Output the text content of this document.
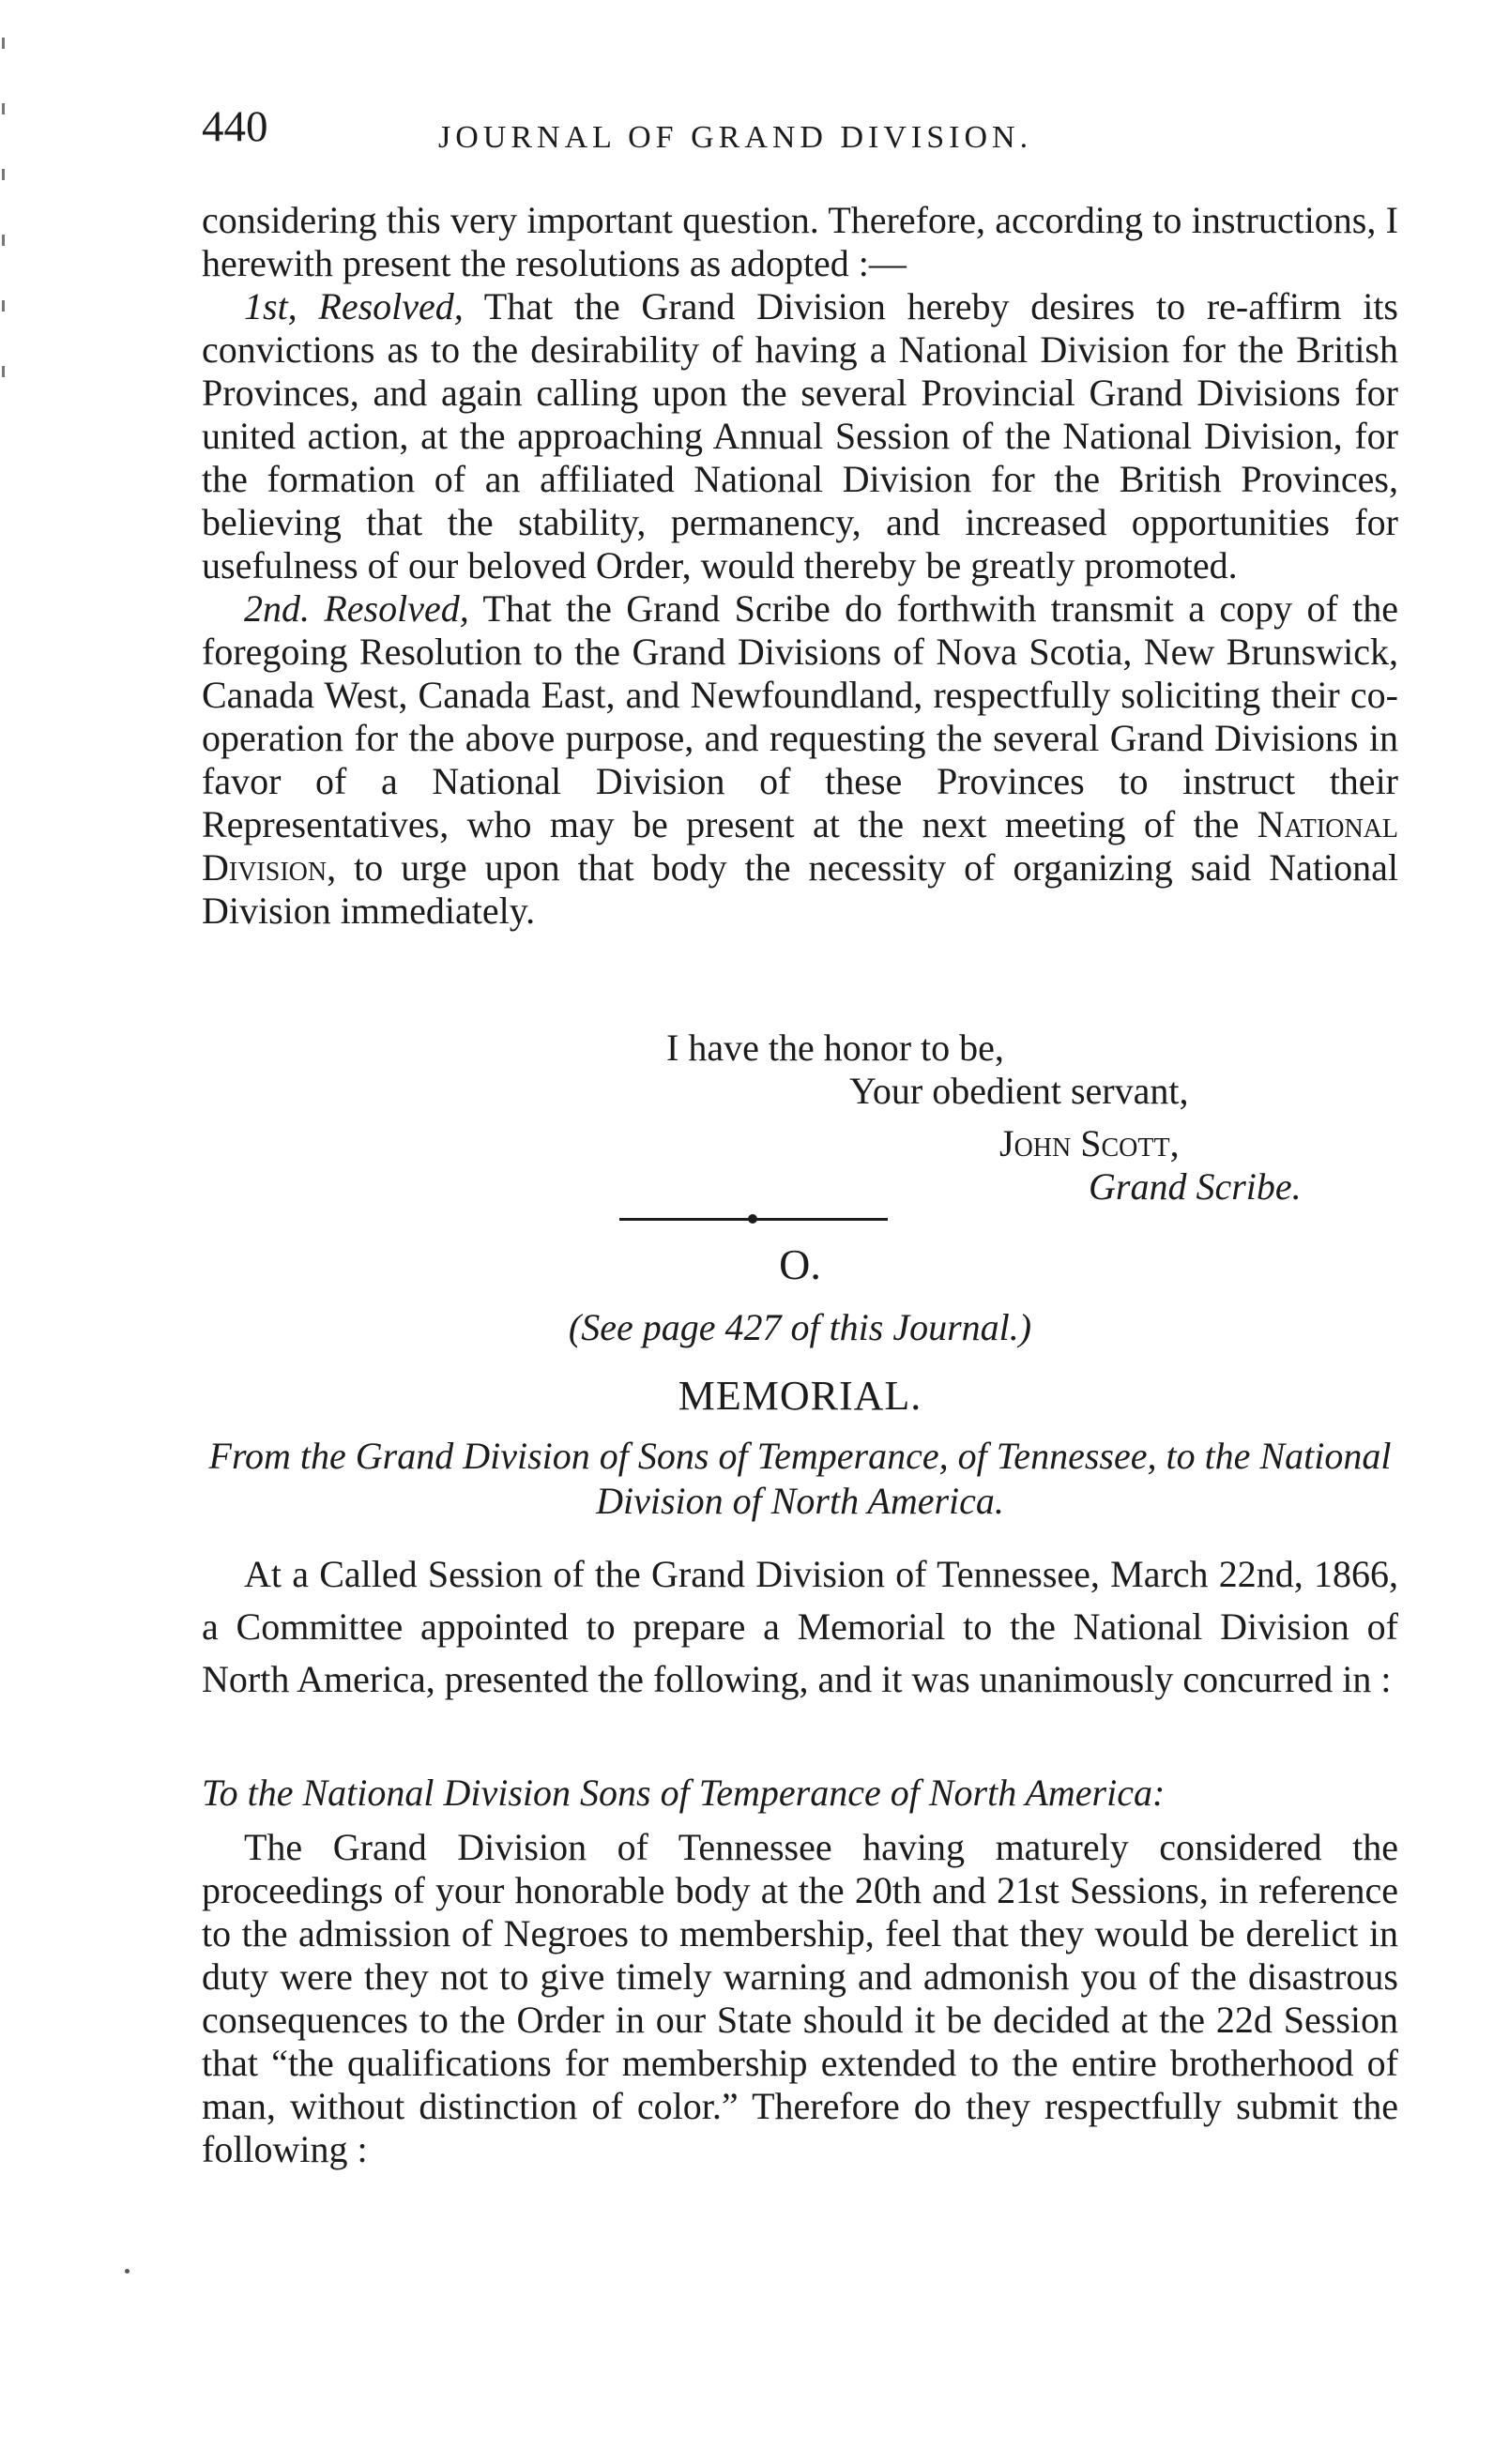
440	JOURNAL OF GRAND DIVISION.

considering this very important question. Therefore, according to instructions, I herewith present the resolutions as adopted :—

1st, Resolved, That the Grand Division hereby desires to re-affirm its convictions as to the desirability of having a National Division for the British Provinces, and again calling upon the several Provincial Grand Divisions for united action, at the approaching Annual Session of the National Division, for the formation of an affiliated National Division for the British Provinces, believing that the stability, permanency, and increased opportunities for usefulness of our beloved Order, would thereby be greatly promoted.

2nd. Resolved, That the Grand Scribe do forthwith transmit a copy of the foregoing Resolution to the Grand Divisions of Nova Scotia, New Brunswick, Canada West, Canada East, and Newfoundland, respectfully soliciting their co-operation for the above purpose, and requesting the several Grand Divisions in favor of a National Division of these Provinces to instruct their Representatives, who may be present at the next meeting of the National Division, to urge upon that body the necessity of organizing said National Division immediately.

I have the honor to be,
Your obedient servant,
John Scott,
Grand Scribe.
O.
(See page 427 of this Journal.)
MEMORIAL.
From the Grand Division of Sons of Temperance, of Tennessee, to the National Division of North America.

At a Called Session of the Grand Division of Tennessee, March 22nd, 1866, a Committee appointed to prepare a Memorial to the National Division of North America, presented the following, and it was unanimously concurred in :

To the National Division Sons of Temperance of North America:

The Grand Division of Tennessee having maturely considered the proceedings of your honorable body at the 20th and 21st Sessions, in reference to the admission of Negroes to membership, feel that they would be derelict in duty were they not to give timely warning and admonish you of the disastrous consequences to the Order in our State should it be decided at the 22d Session that “the qualifications for membership extended to the entire brotherhood of man, without distinction of color.” Therefore do they respectfully submit the following :
